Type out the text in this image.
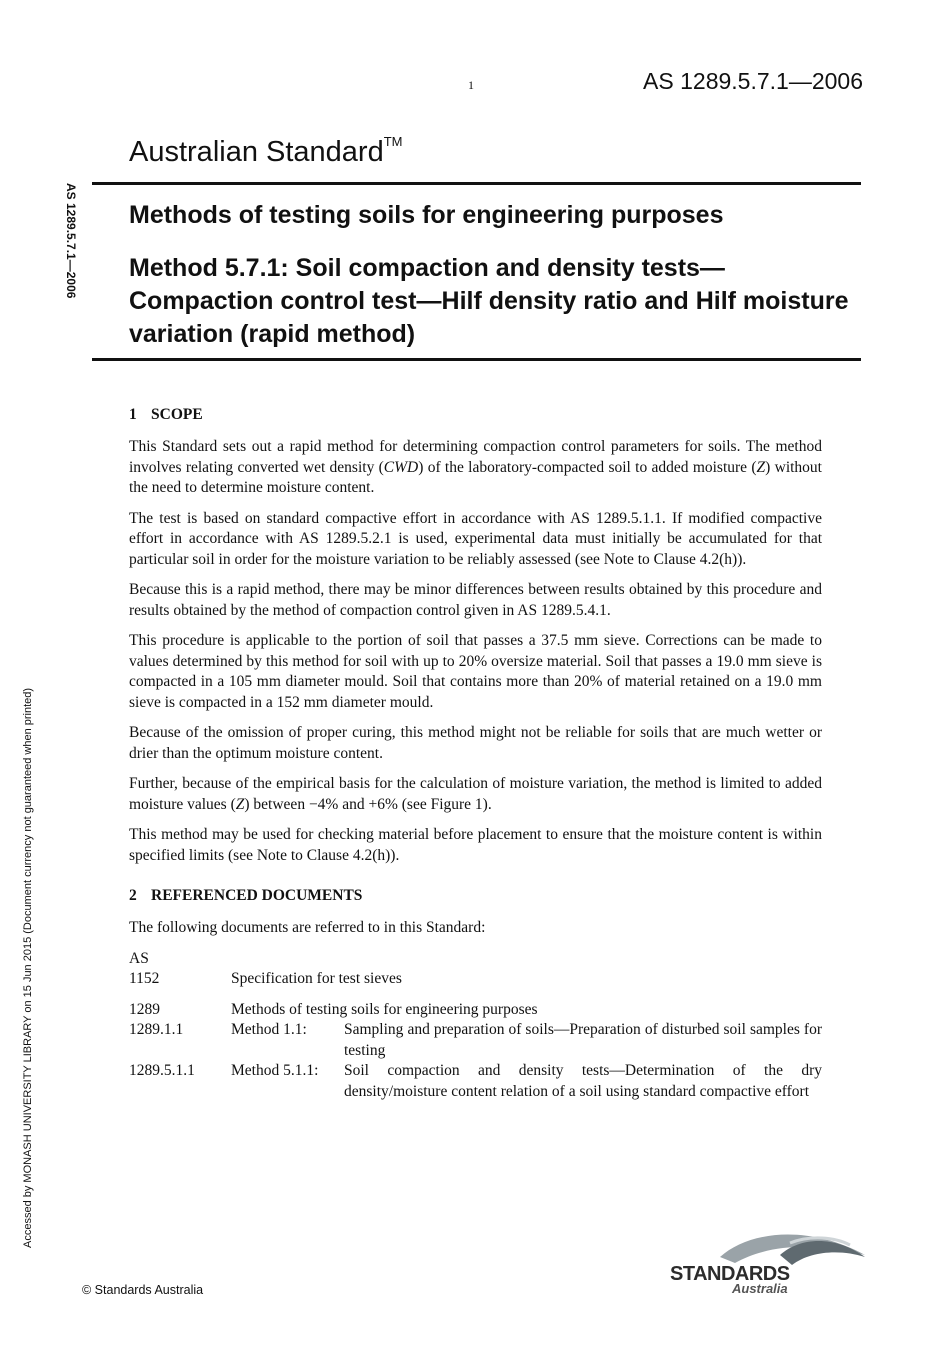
1	AS 1289.5.7.1—2006
Australian Standard™
Methods of testing soils for engineering purposes
Method 5.7.1: Soil compaction and density tests—Compaction control test—Hilf density ratio and Hilf moisture variation (rapid method)
AS 1289.5.7.1—2006
Accessed by MONASH UNIVERSITY LIBRARY on 15 Jun 2015 (Document currency not guaranteed when printed)
1 SCOPE

This Standard sets out a rapid method for determining compaction control parameters for soils. The method involves relating converted wet density (CWD) of the laboratory-compacted soil to added moisture (Z) without the need to determine moisture content.

The test is based on standard compactive effort in accordance with AS 1289.5.1.1. If modified compactive effort in accordance with AS 1289.5.2.1 is used, experimental data must initially be accumulated for that particular soil in order for the moisture variation to be reliably assessed (see Note to Clause 4.2(h)).

Because this is a rapid method, there may be minor differences between results obtained by this procedure and results obtained by the method of compaction control given in AS 1289.5.4.1.

This procedure is applicable to the portion of soil that passes a 37.5 mm sieve. Corrections can be made to values determined by this method for soil with up to 20% oversize material. Soil that passes a 19.0 mm sieve is compacted in a 105 mm diameter mould. Soil that contains more than 20% of material retained on a 19.0 mm sieve is compacted in a 152 mm diameter mould.

Because of the omission of proper curing, this method might not be reliable for soils that are much wetter or drier than the optimum moisture content.

Further, because of the empirical basis for the calculation of moisture variation, the method is limited to added moisture values (Z) between −4% and +6% (see Figure 1).

This method may be used for checking material before placement to ensure that the moisture content is within specified limits (see Note to Clause 4.2(h)).

2 REFERENCED DOCUMENTS

The following documents are referred to in this Standard:

AS
1152	Specification for test sieves
1289	Methods of testing soils for engineering purposes
1289.1.1	Method 1.1:	Sampling and preparation of soils—Preparation of disturbed soil samples for testing
1289.5.1.1	Method 5.1.1:	Soil compaction and density tests—Determination of the dry density/moisture content relation of a soil using standard compactive effort
© Standards Australia
STANDARDS
Australia
